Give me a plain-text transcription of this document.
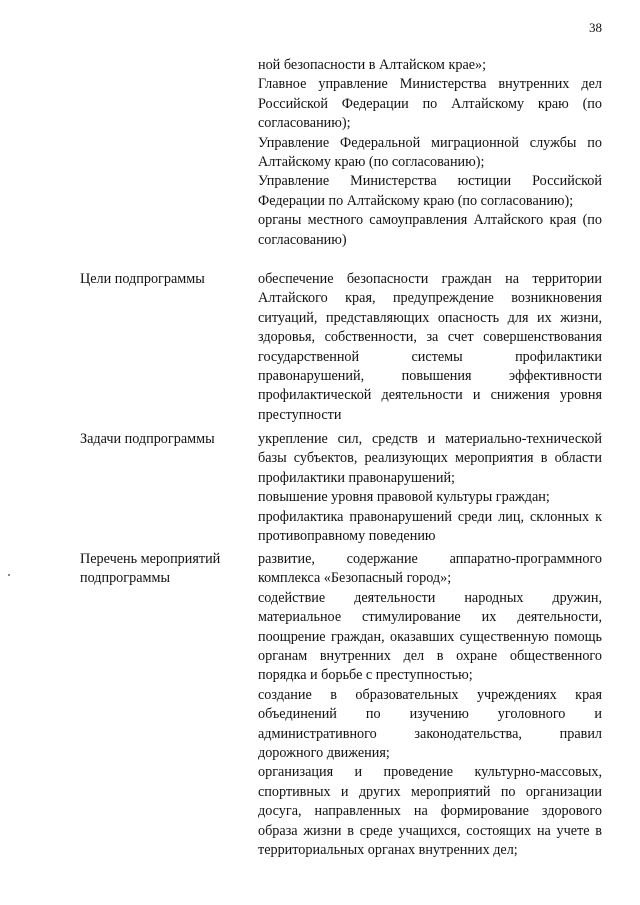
38
ной безопасности в Алтайском крае»;
Главное управление Министерства внутренних дел Российской Федерации по Алтайскому краю (по согласованию);
Управление Федеральной миграционной службы по Алтайскому краю (по согласованию);
Управление Министерства юстиции Российской Федерации по Алтайскому краю (по согласованию);
органы местного самоуправления Алтайского края (по согласованию)
Цели подпрограммы	обеспечение безопасности граждан на территории Алтайского края, предупреждение возникновения ситуаций, представляющих опасность для их жизни, здоровья, собственности, за счет совершенствования государственной системы профилактики правонарушений, повышения эффективности профилактической деятельности и снижения уровня преступности
Задачи подпрограммы	укрепление сил, средств и материально-технической базы субъектов, реализующих мероприятия в области профилактики правонарушений;
повышение уровня правовой культуры граждан;
профилактика правонарушений среди лиц, склонных к противоправному поведению
Перечень мероприятий подпрограммы
развитие, содержание аппаратно-программного комплекса «Безопасный город»;
содействие деятельности народных дружин, материальное стимулирование их деятельности, поощрение граждан, оказавших существенную помощь органам внутренних дел в охране общественного порядка и борьбе с преступностью;
создание в образовательных учреждениях края объединений по изучению уголовного и административного законодательства, правил дорожного движения;
организация и проведение культурно-массовых, спортивных и других мероприятий по организации досуга, направленных на формирование здорового образа жизни в среде учащихся, состоящих на учете в территориальных органах внутренних дел;
